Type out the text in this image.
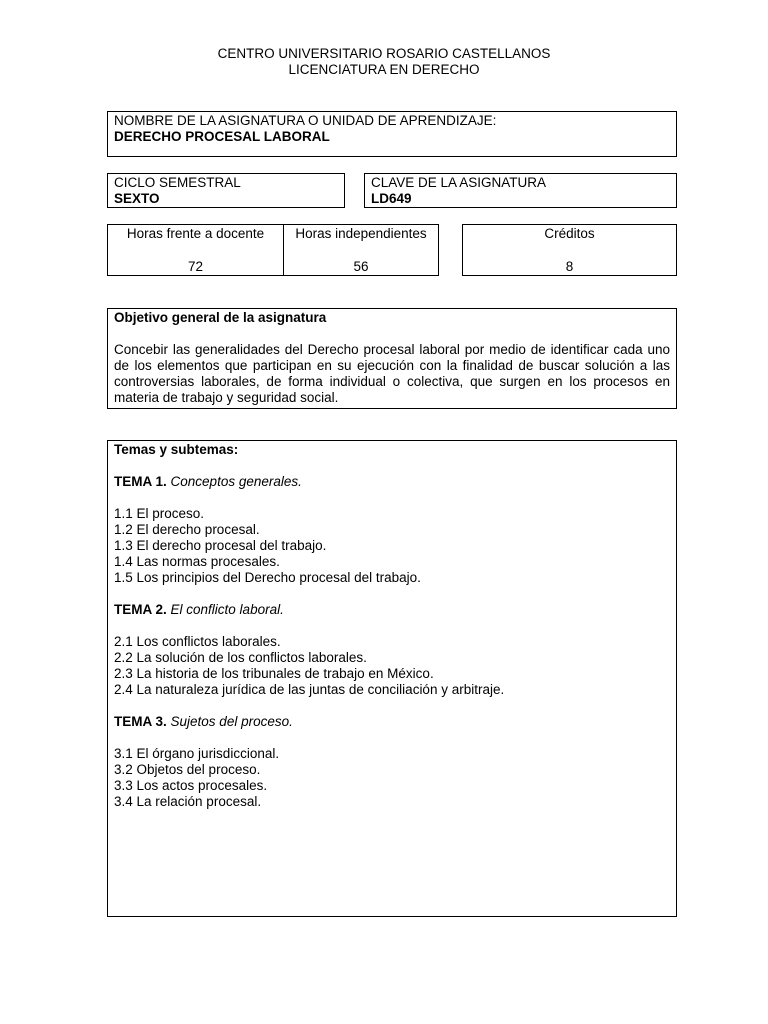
CENTRO UNIVERSITARIO ROSARIO CASTELLANOS
LICENCIATURA EN DERECHO
NOMBRE DE LA ASIGNATURA O UNIDAD DE APRENDIZAJE:
DERECHO PROCESAL LABORAL
CICLO SEMESTRAL
SEXTO
CLAVE DE LA ASIGNATURA
LD649
Horas frente a docente
72
Horas independientes
56
Créditos
8
Objetivo general de la asignatura
Concebir las generalidades del Derecho procesal laboral por medio de identificar cada uno de los elementos que participan en su ejecución con la finalidad de buscar solución a las controversias laborales, de forma individual o colectiva, que surgen en los procesos en materia de trabajo y seguridad social.
Temas y subtemas:
TEMA 1. Conceptos generales.
1.1 El proceso.
1.2 El derecho procesal.
1.3 El derecho procesal del trabajo.
1.4 Las normas procesales.
1.5 Los principios del Derecho procesal del trabajo.
TEMA 2. El conflicto laboral.
2.1 Los conflictos laborales.
2.2 La solución de los conflictos laborales.
2.3 La historia de los tribunales de trabajo en México.
2.4 La naturaleza jurídica de las juntas de conciliación y arbitraje.
TEMA 3. Sujetos del proceso.
3.1 El órgano jurisdiccional.
3.2 Objetos del proceso.
3.3 Los actos procesales.
3.4 La relación procesal.
